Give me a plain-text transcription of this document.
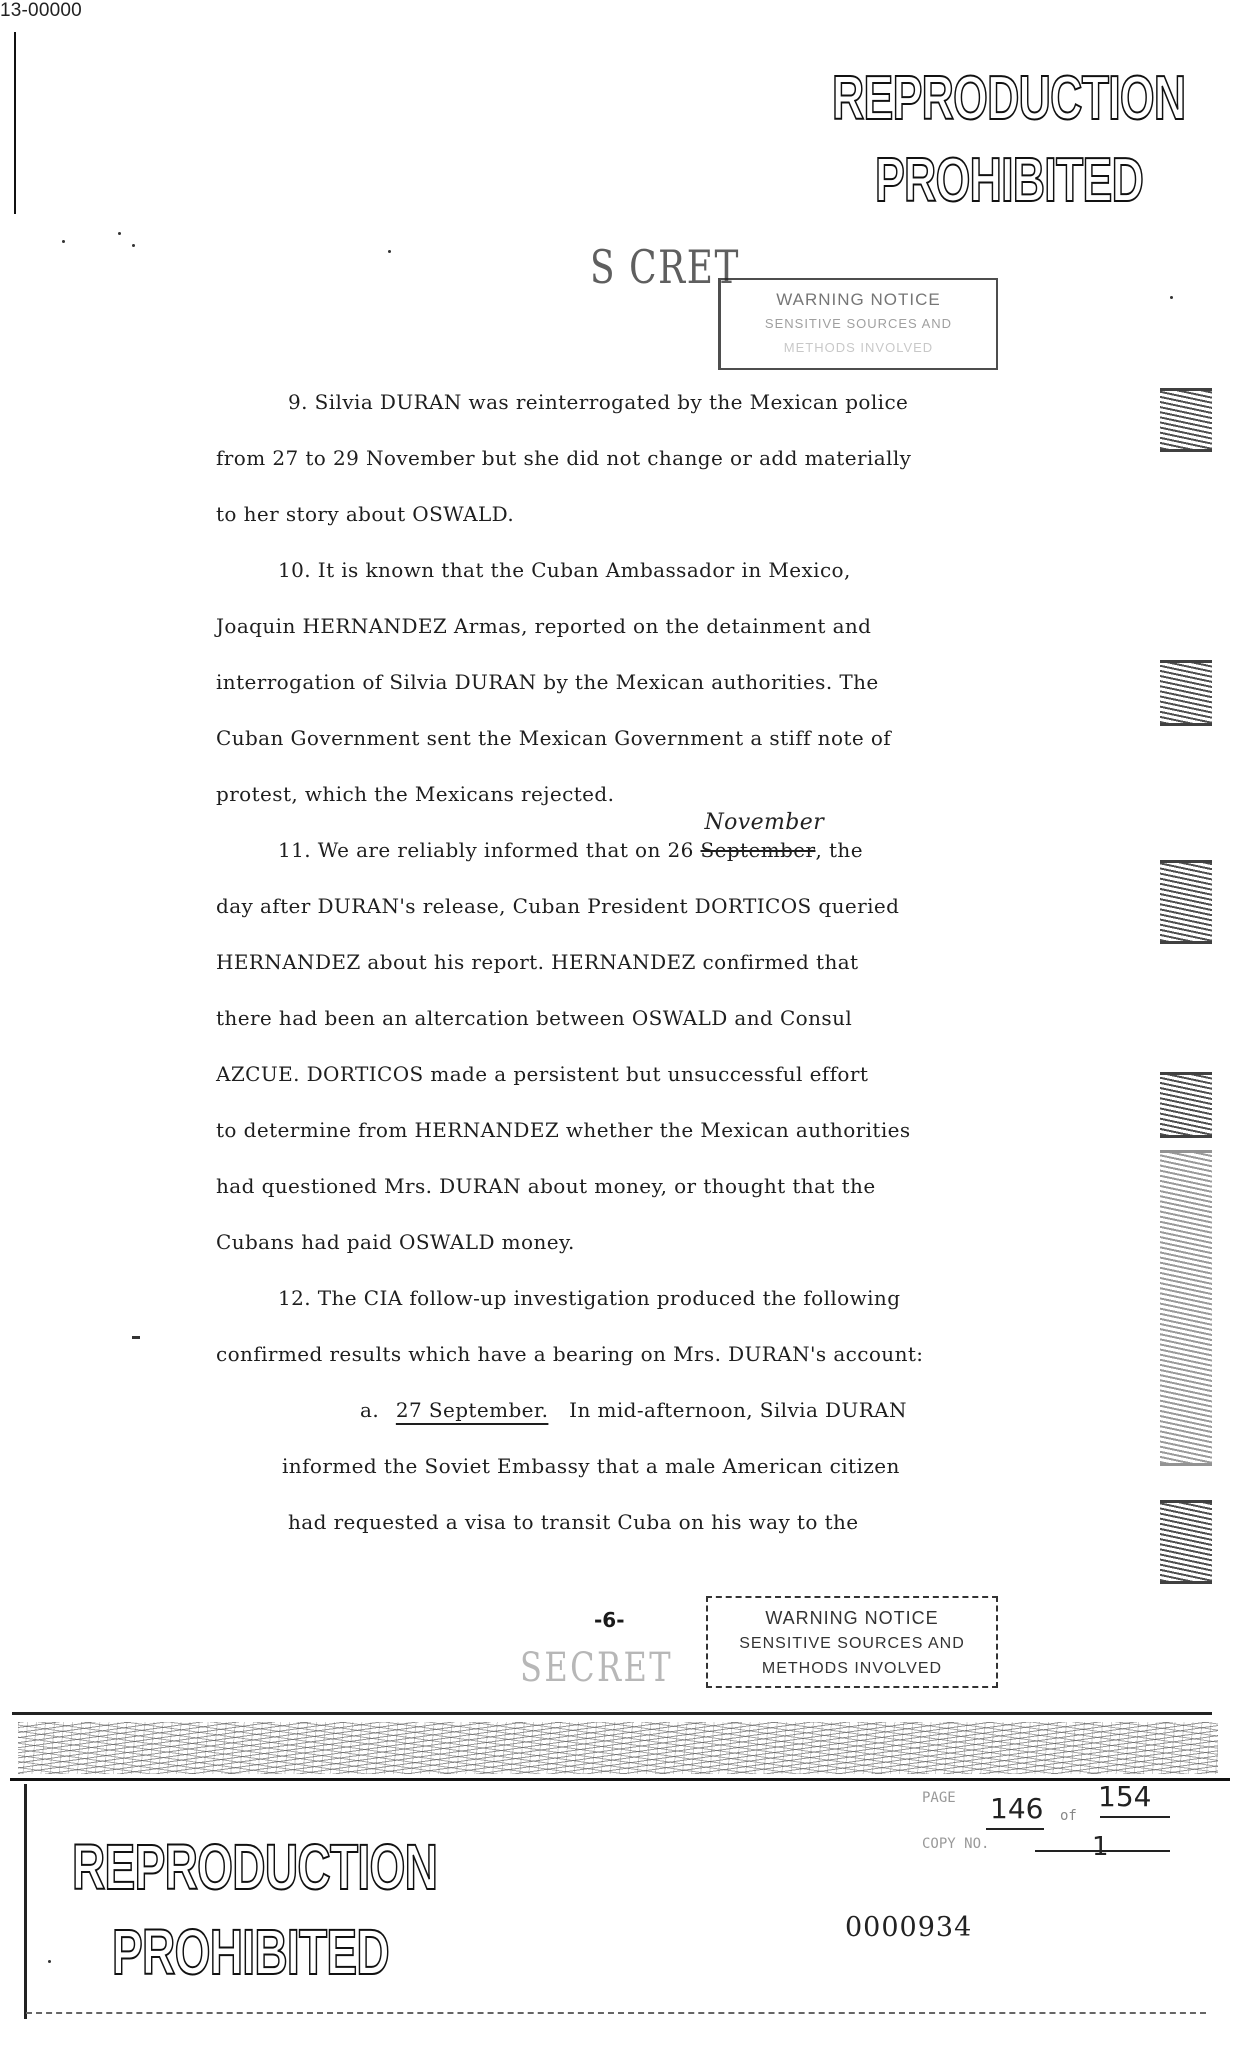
13-00000
REPRODUCTION
PROHIBITED
S CRET
WARNING NOTICE
SENSITIVE SOURCES AND
METHODS INVOLVED
9. Silvia DURAN was reinterrogated by the Mexican police
from 27 to 29 November but she did not change or add materially
to her story about OSWALD.
10. It is known that the Cuban Ambassador in Mexico,
Joaquin HERNANDEZ Armas, reported on the detainment and
interrogation of Silvia DURAN by the Mexican authorities. The
Cuban Government sent the Mexican Government a stiff note of
protest, which the Mexicans rejected.
11. We are reliably informed that on 26 September
November
, the
day after DURAN's release, Cuban President DORTICOS queried
HERNANDEZ about his report. HERNANDEZ confirmed that
there had been an altercation between OSWALD and Consul
AZCUE. DORTICOS made a persistent but unsuccessful effort
to determine from HERNANDEZ whether the Mexican authorities
had questioned Mrs. DURAN about money, or thought that the
Cubans had paid OSWALD money.
12. The CIA follow-up investigation produced the following
confirmed results which have a bearing on Mrs. DURAN's account:
a. 27 September. In mid-afternoon, Silvia DURAN
informed the Soviet Embassy that a male American citizen
had requested a visa to transit Cuba on his way to the
-6-
SECRET
WARNING NOTICE
SENSITIVE SOURCES AND
METHODS INVOLVED
REPRODUCTION
PROHIBITED
PAGE 146 of
154
COPY NO.	1
0000934
